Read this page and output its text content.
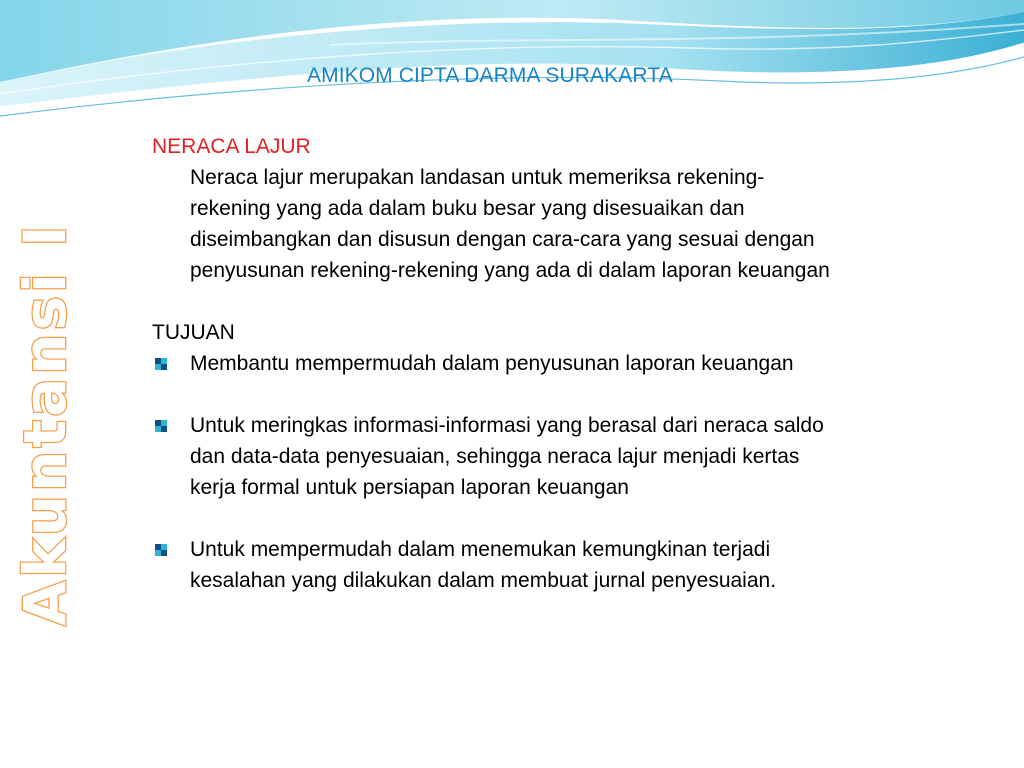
Akuntansi I
AMIKOM CIPTA DARMA SURAKARTA
NERACA LAJUR
Neraca lajur merupakan landasan untuk memeriksa rekening-
rekening yang ada dalam buku besar yang disesuaikan dan
diseimbangkan dan disusun dengan cara-cara yang sesuai dengan
penyusunan rekening-rekening yang ada di dalam laporan keuangan
TUJUAN
Membantu mempermudah dalam penyusunan laporan keuangan
Untuk meringkas informasi-informasi yang berasal dari neraca saldo
dan data-data penyesuaian, sehingga neraca lajur menjadi kertas
kerja formal untuk persiapan laporan keuangan
Untuk mempermudah dalam menemukan kemungkinan terjadi
kesalahan yang dilakukan dalam membuat jurnal penyesuaian.
